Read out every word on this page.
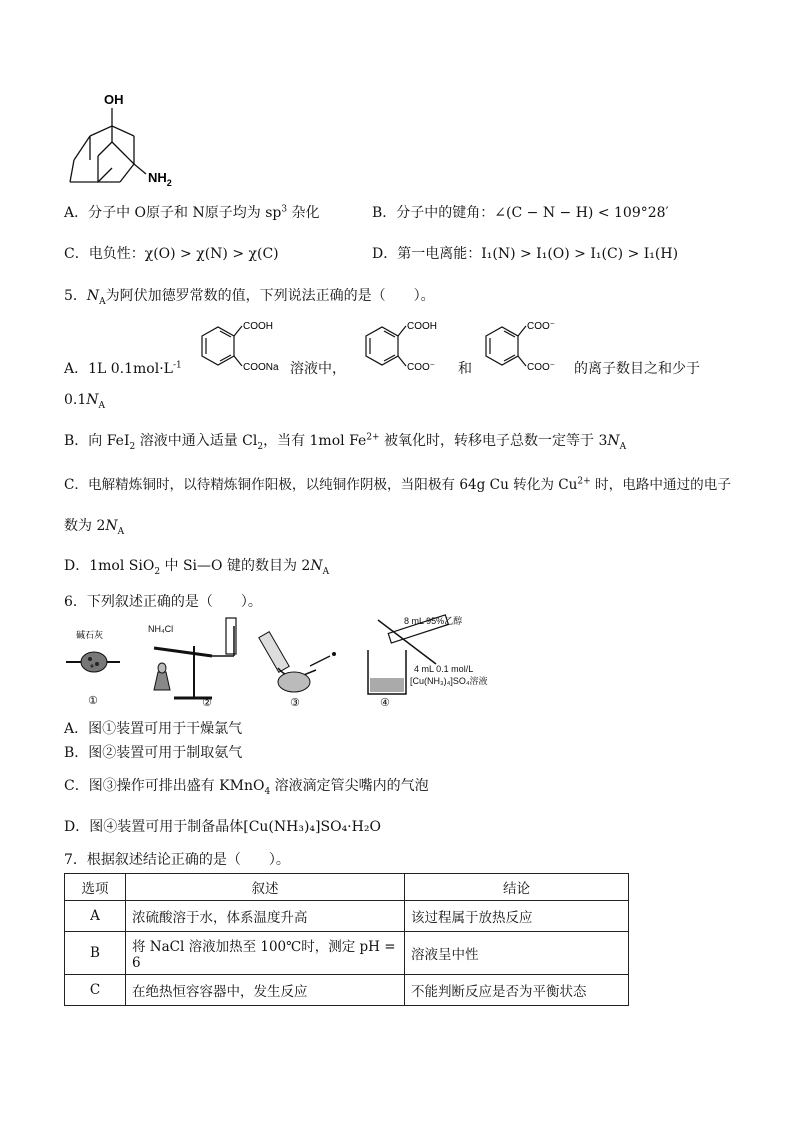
OH
$NH_2$
A．分子中 O原子和 N原子均为 $sp^3$ 杂化	B．分子中的键角：∠(C − N − H) < 109°28′
C．电负性：χ(O) > χ(N) > χ(C)	D．第一电离能：I₁(N) > I₁(O) > I₁(C) > I₁(H)
5．$N_A$为阿伏加德罗常数的值，下列说法正确的是（　　）。
A．1L $0.1mol\cdot L^{-1}$
COOH
COONa 溶液中，
COOH
COO⁻ 和
COO⁻
COO⁻ 的离子数目之和少于
$0.1N_A$
B．向 FeI$_2$ 溶液中通入适量 $Cl_2$，当有 1mol $Fe^{2+}$ 被氧化时，转移电子总数一定等于 $3N_A$
C．电解精炼铜时，以待精炼铜作阳极，以纯铜作阴极，当阳极有 64g Cu 转化为 $Cu^{2+}$ 时，电路中通过的电子
数为 $2N_A$
D．1mol SiO$_2$ 中 Si—O 键的数目为 $2N_A$
6．下列叙述正确的是（　　）。
碱石灰
①
NH₄Cl
②	③
8 mL 95%乙醇
4 mL 0.1 mol/L
[Cu(NH₃)₄]SO₄溶液
④
A．图①装置可用于干燥氯气
B．图②装置可用于制取氨气
C．图③操作可排出盛有 KMnO$_4$ 溶液滴定管尖嘴内的气泡
D．图④装置可用于制备晶体[Cu(NH₃)₄]SO₄·H₂O
7．根据叙述结论正确的是（　　）。
选项	叙述	结论
A	浓硫酸溶于水，体系温度升高	该过程属于放热反应
B	将 NaCl 溶液加热至 100℃时，测定 pH = 6	溶液呈中性
C	在绝热恒容容器中，发生反应	不能判断反应是否为平衡状态
